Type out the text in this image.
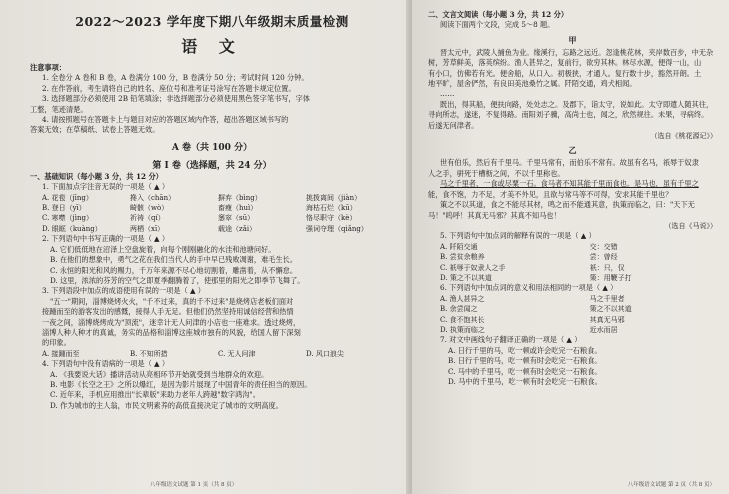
2022～2023 学年度下期八年级期末质量检测
语 文
注意事项：
1. 全卷分 A 卷和 B 卷，A 卷满分 100 分，B 卷满分 50 分；考试时间 120 分钟。
2. 在作答前，考生请将自己的姓名、座位号和准考证号涂写在答题卡规定位置。
3. 选择题部分必须使用 2B 铅笔填涂；非选择题部分必须使用黑色签字笔书写，字体
工整，笔迹清楚。
4. 请按照题号在答题卡上与题目对应的答题区域内作答，超出答题区域书写的
答案无效；在草稿纸、试卷上答题无效。
A 卷（共 100 分）
第 I 卷（选择题，共 24 分）
一、基础知识（每小题 3 分，共 12 分）
1. 下面加点字注音无误的一项是（ ▲ ）
A. 花苞（jīng）	搀入（chān）	摒弃（bìng）	挑拨离间（jiàn）
B. 登日（yī）	畸骸（wò）	畜瘦（huì）	海枯石烂（kū）
C. 寒噤（jìng）	祈祷（qí）	窸窣（sū）	恪尽职守（kè）
D. 眼眶（kuàng）	两栖（xī）	载途（zǎi）	强词夺理（qiǎng）
2. 下列语句中书写正确的一项是（ ▲ ）
A. 它们低低地在沼泽上空盘旋着，向每个刚刚融化的水洼和池塘问好。
B. 在他们的想象中，勇气之花在我们当代人的手中早已残败凋谢，难毛生长。
C. 永恒的阳光和风的赐力，千万年来源不尽心地切割着，雕凿着，从不懈怠。
D. 这里，浓浓的芬芳的空气之即夏季翻腾着了，使那里的阳光之即季节飞舞了。
3. 下列语段中加点的成语使用有误的一项是（ ▲ ）
"五一"期间，淄博烧烤火火，"千不过来，真的千不过来"是烧烤店老板们面对
接踵而至的游客发出的感慨，接得人手无足。但他们仍然坚持用诚信经营和热情
一夜之间，淄博烧烤成为"顶流"，迷幸计无人问津的小店也一座难求。透过烧烤，
淄博人种人种才的真诚，务实的品格和淄博这座城市独有的风貌，给国人留下深刻
的印象。
A. 接踵而至	B. 不知所措	C. 无人问津	D. 风口浪尖
4. 下列语句中没有语病的一项是（ ▲ ）
A. 《我要说大话》播讲活动从亮相环节开始就受到当地群众的欢迎。
B. 电影《长空之王》之所以爆红，是因为影片展现了中国青年的责任担当的原因。
C. 近年来，手机应用推出"长辈版"来助力老年人跨越"数字鸿沟"。
D. 作为城市的主人翁，市民文明素养的高低直接决定了城市的文明高度。
八年级语文试题 第 1 页（共 8 页）
二、文言文阅读（每小题 3 分，共 12 分）
阅读下面两个文段，完成 5～8 题。
甲
晋太元中，武陵人捕鱼为业。缘溪行，忘路之远近。忽逢桃花林，夹岸数百步，中无杂
树，芳草鲜美，落英缤纷。渔人甚异之，复前行，欲穷其林。林尽水源，便得一山，山
有小口，仿佛若有光。便舍船，从口入。初极狭，才通人。复行数十步，豁然开朗。土
地平旷，屋舍俨然，有良田美池桑竹之属。阡陌交通，鸡犬相闻。
……
既出，得其船，便扶向路，处处志之。及郡下，诣太守，说如此。太守即遣人随其往，
寻向所志，遂迷，不复得路。南阳刘子骥，高尚士也，闻之，欣然规往。未果，寻病终。
后遂无问津者。
（选自《桃花源记》）
乙
世有伯乐，然后有千里马。千里马常有，而伯乐不常有。故虽有名马，祇辱于奴隶
人之手，骈死于槽枥之间，不以千里称也。
马之千里者，一食或尽粟一石。食马者不知其能千里而食也。是马也，虽有千里之
能，食不饱，力不足，才美不外见，且欲与常马等不可得，安求其能千里也？
策之不以其道，食之不能尽其材，鸣之而不能通其意，执策而临之，曰："天下无
马！"呜呼！其真无马邪？其真不知马也！
（选自《马说》）
5. 下列语句中加点词的解释有误的一项是（ ▲ ）
A. 阡陌交通	交：交错
B. 尝贫余粮养	尝：曾经
C. 祇辱于奴隶人之手	祇：只，仅
D. 策之不以其道	策：用鞭子打
6. 下列语句中加点词的意义和用法相同的一项是（ ▲ ）
A. 渔人甚异之	马之千里者
B. 余尝闻之	策之不以其道
C. 食不饱其长	其真无马邪
D. 执策而临之	近水而居
7. 对文中画线句子翻译正确的一项是（ ▲ ）
A. 日行千里的马，吃一顿或许会吃完一石粮食。
B. 日行千里的马，吃一顿有时会吃完一石粮食。
C. 马中的千里马，吃一顿有时会吃完一石粮食。
D. 马中的千里马，吃一顿有时会吃完一石粮食。
八年级语文试题 第 2 页（共 8 页）
